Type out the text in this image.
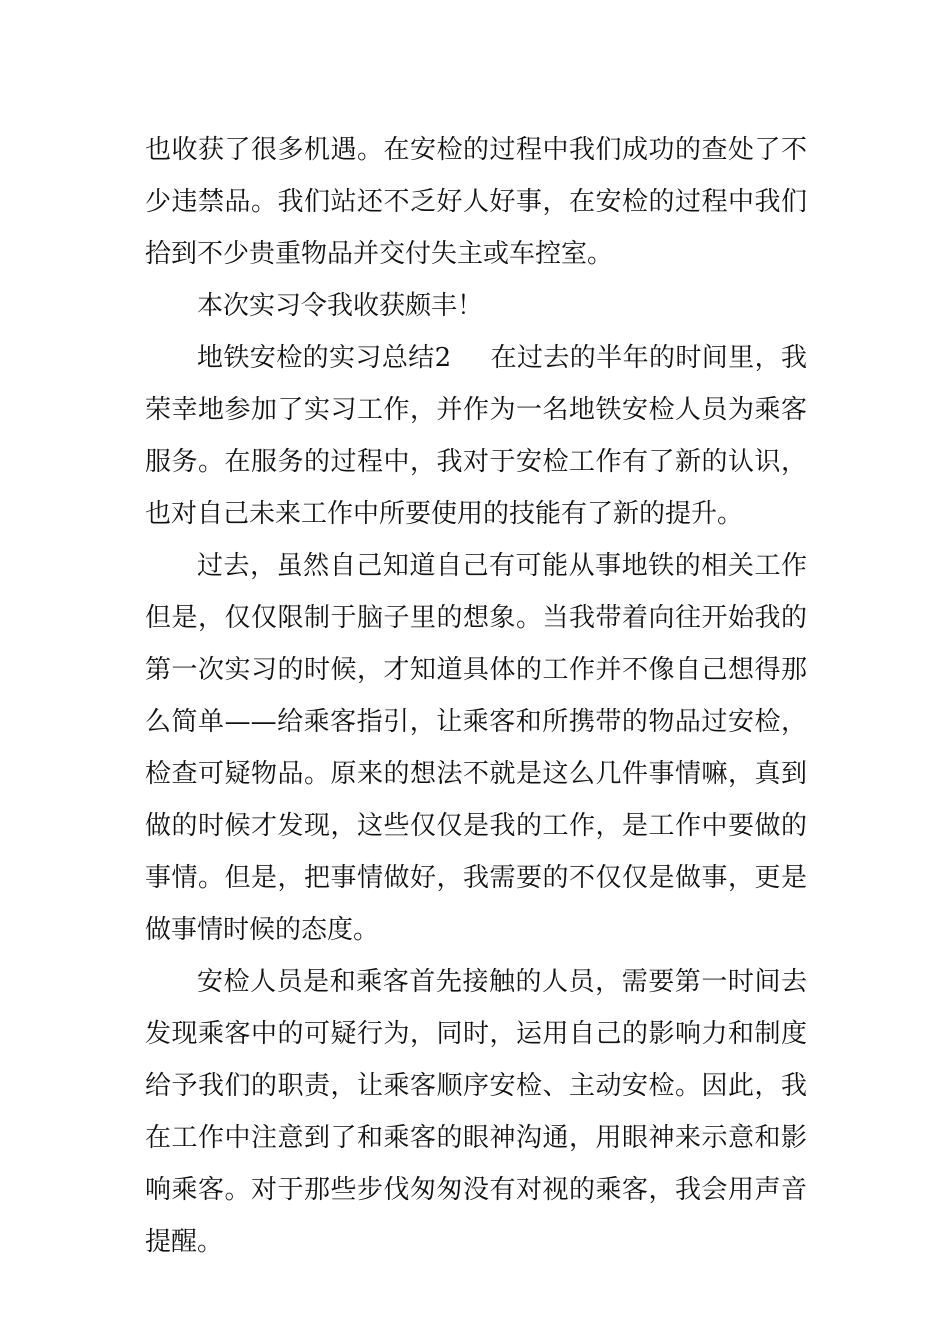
也收获了很多机遇。在安检的过程中我们成功的查处了不少违禁品。我们站还不乏好人好事，在安检的过程中我们拾到不少贵重物品并交付失主或车控室。

本次实习令我收获颇丰！

地铁安检的实习总结2 在过去的半年的时间里，我荣幸地参加了实习工作，并作为一名地铁安检人员为乘客服务。在服务的过程中，我对于安检工作有了新的认识，也对自己未来工作中所要使用的技能有了新的提升。

过去，虽然自己知道自己有可能从事地铁的相关工作但是，仅仅限制于脑子里的想象。当我带着向往开始我的第一次实习的时候，才知道具体的工作并不像自己想得那么简单——给乘客指引，让乘客和所携带的物品过安检，检查可疑物品。原来的想法不就是这么几件事情嘛，真到做的时候才发现，这些仅仅是我的工作，是工作中要做的事情。但是，把事情做好，我需要的不仅仅是做事，更是做事情时候的态度。

安检人员是和乘客首先接触的人员，需要第一时间去发现乘客中的可疑行为，同时，运用自己的影响力和制度给予我们的职责，让乘客顺序安检、主动安检。因此，我在工作中注意到了和乘客的眼神沟通，用眼神来示意和影响乘客。对于那些步伐匆匆没有对视的乘客，我会用声音提醒。
